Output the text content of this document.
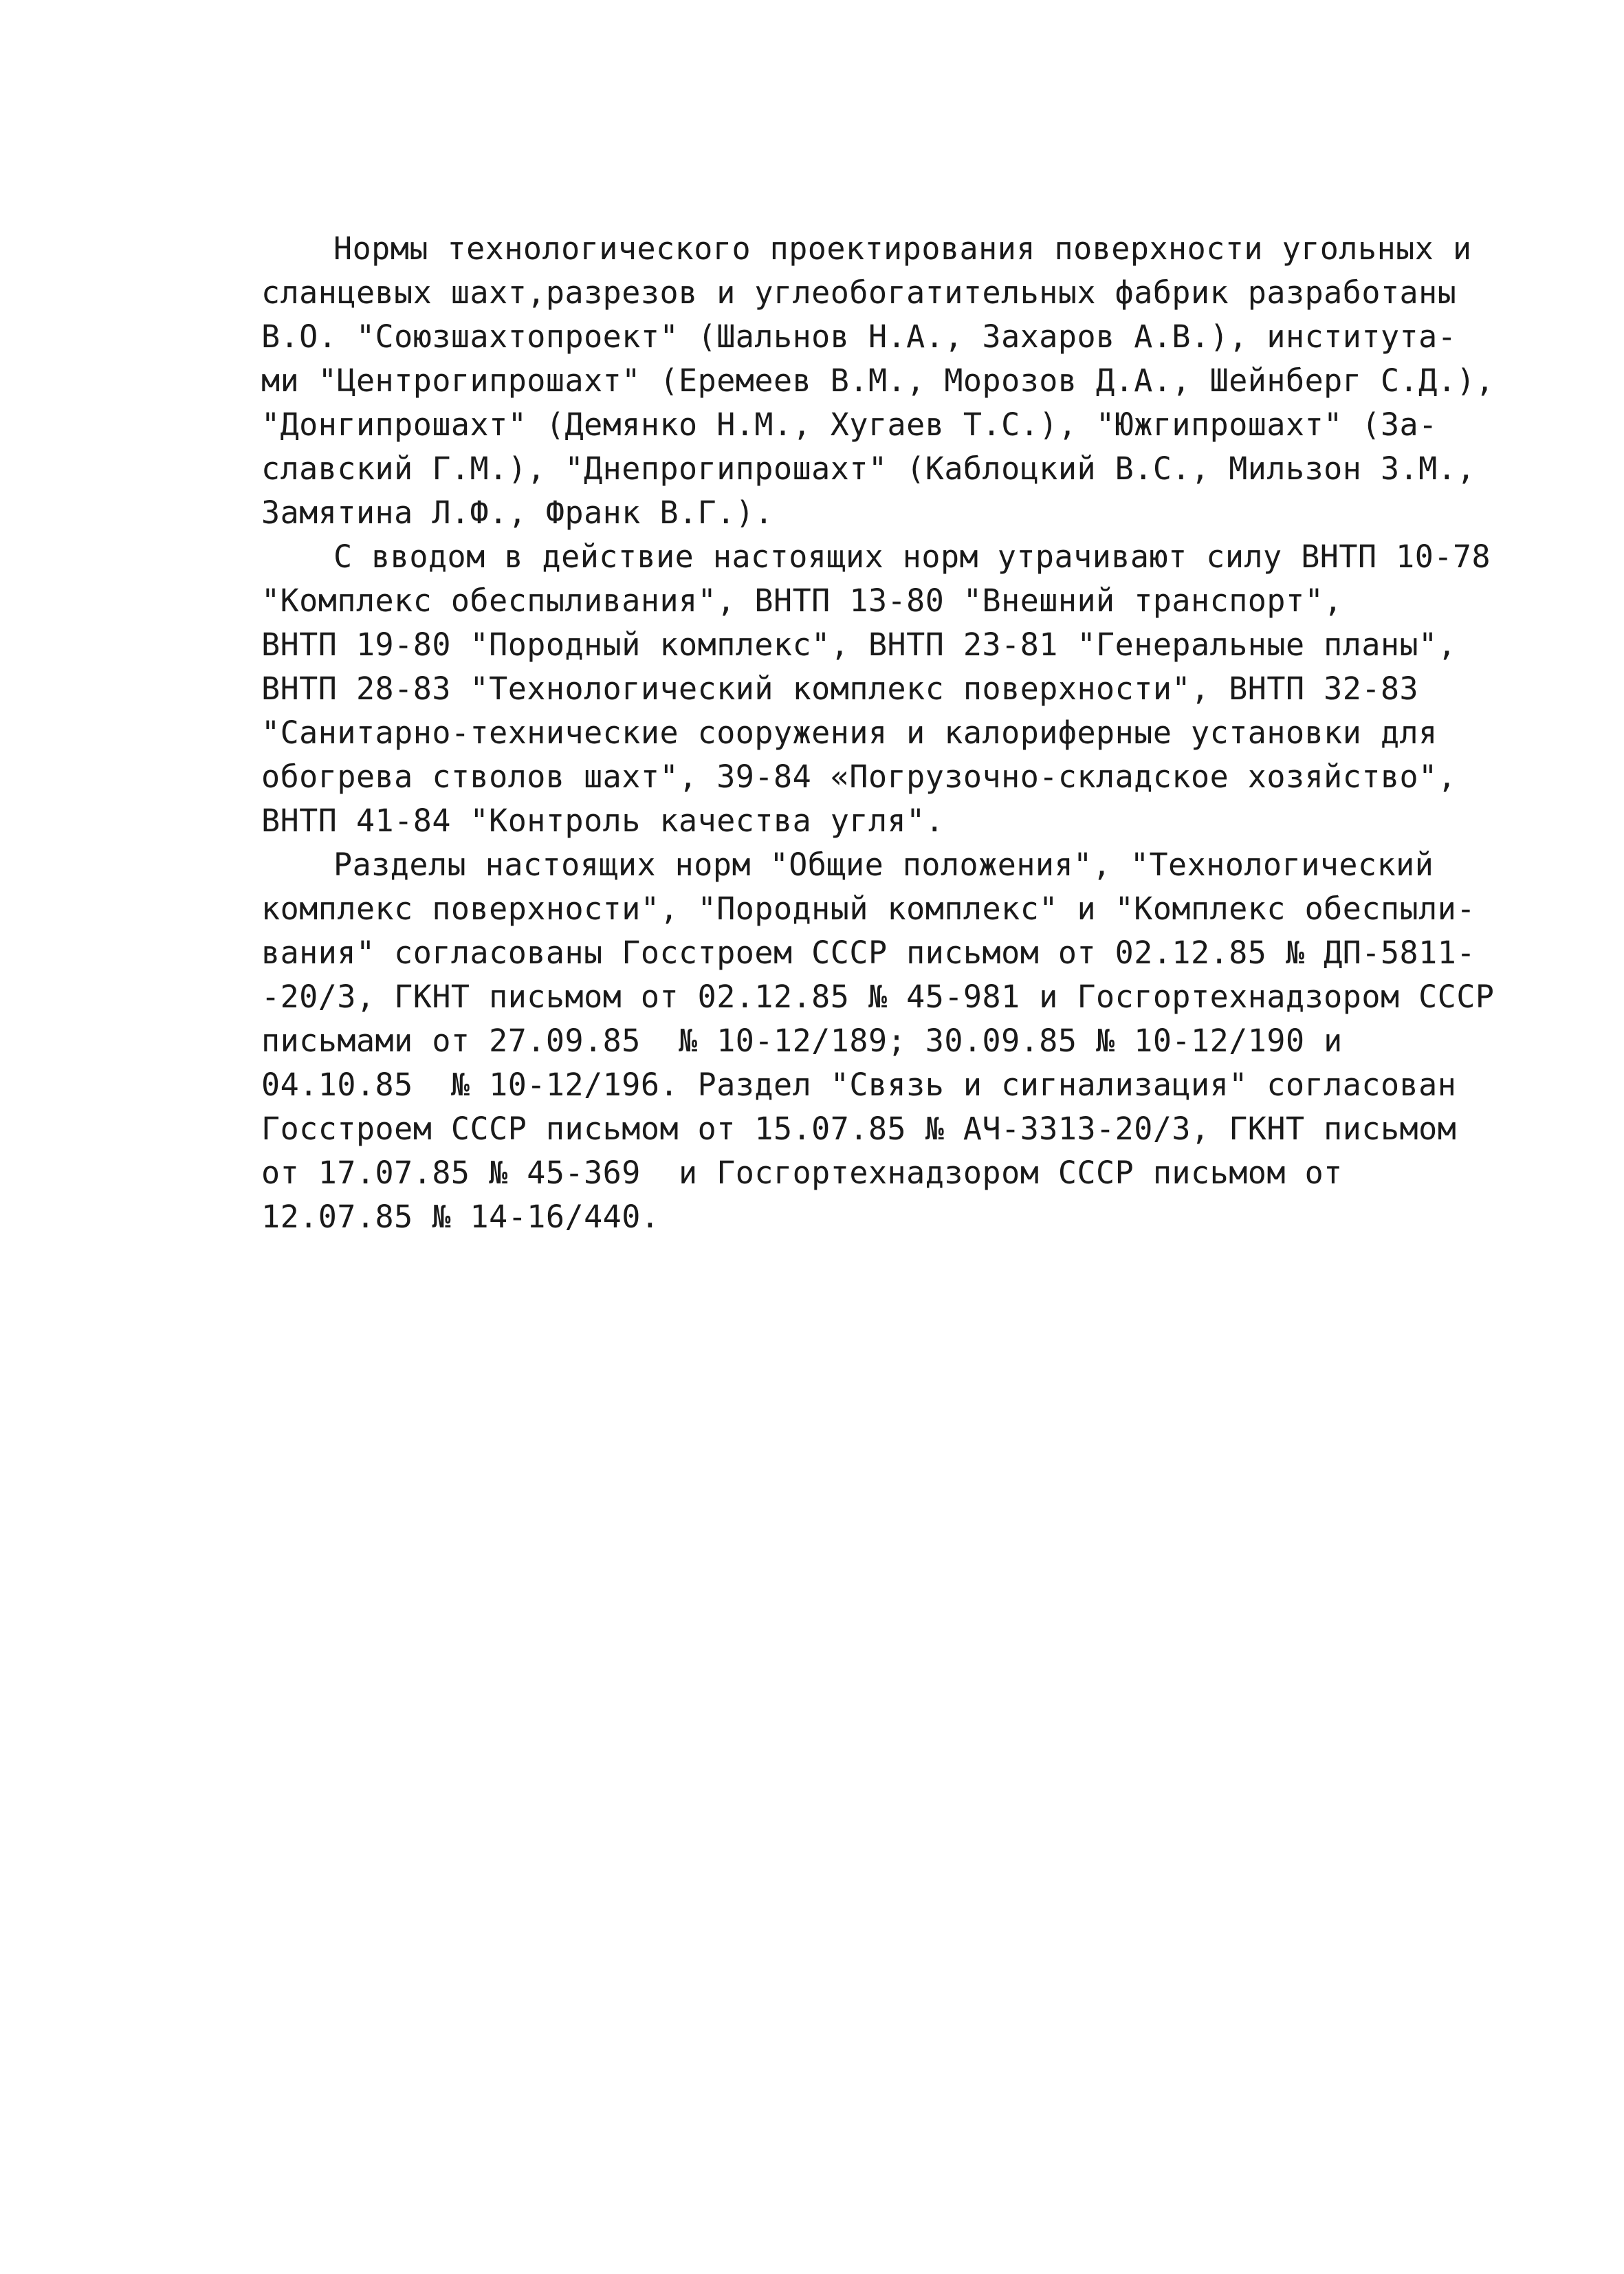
Нормы технологического проектирования поверхности угольных и
сланцевых шахт,разрезов и углеобогатительных фабрик разработаны
В.О. "Союзшахтопроект" (Шальнов Н.А., Захаров А.В.), института-
ми "Центрогипрошахт" (Еремеев В.М., Морозов Д.А., Шейнберг С.Д.),
"Донгипрошахт" (Демянко Н.М., Хугаев Т.С.), "Южгипрошахт" (За-
славский Г.М.), "Днепрогипрошахт" (Каблоцкий В.С., Мильзон З.М.,
Замятина Л.Ф., Франк В.Г.).
С вводом в действие настоящих норм утрачивают силу ВНТП 10-78
"Комплекс обеспыливания", ВНТП 13-80 "Внешний транспорт",
ВНТП 19-80 "Породный комплекс", ВНТП 23-81 "Генеральные планы",
ВНТП 28-83 "Технологический комплекс поверхности", ВНТП 32-83
"Санитарно-технические сооружения и калориферные установки для
обогрева стволов шахт", 39-84 «Погрузочно-складское хозяйство",
ВНТП 41-84 "Контроль качества угля".
Разделы настоящих норм "Общие положения", "Технологический
комплекс поверхности", "Породный комплекс" и "Комплекс обеспыли-
вания" согласованы Госстроем СССР письмом от 02.12.85 № ДП-5811-
-20/3, ГКНТ письмом от 02.12.85 № 45-981 и Госгортехнадзором СССР
письмами от 27.09.85  № 10-12/189; 30.09.85 № 10-12/190 и
04.10.85  № 10-12/196. Раздел "Связь и сигнализация" согласован
Госстроем СССР письмом от 15.07.85 № АЧ-3313-20/3, ГКНТ письмом
от 17.07.85 № 45-369  и Госгортехнадзором СССР письмом от
12.07.85 № 14-16/440.
